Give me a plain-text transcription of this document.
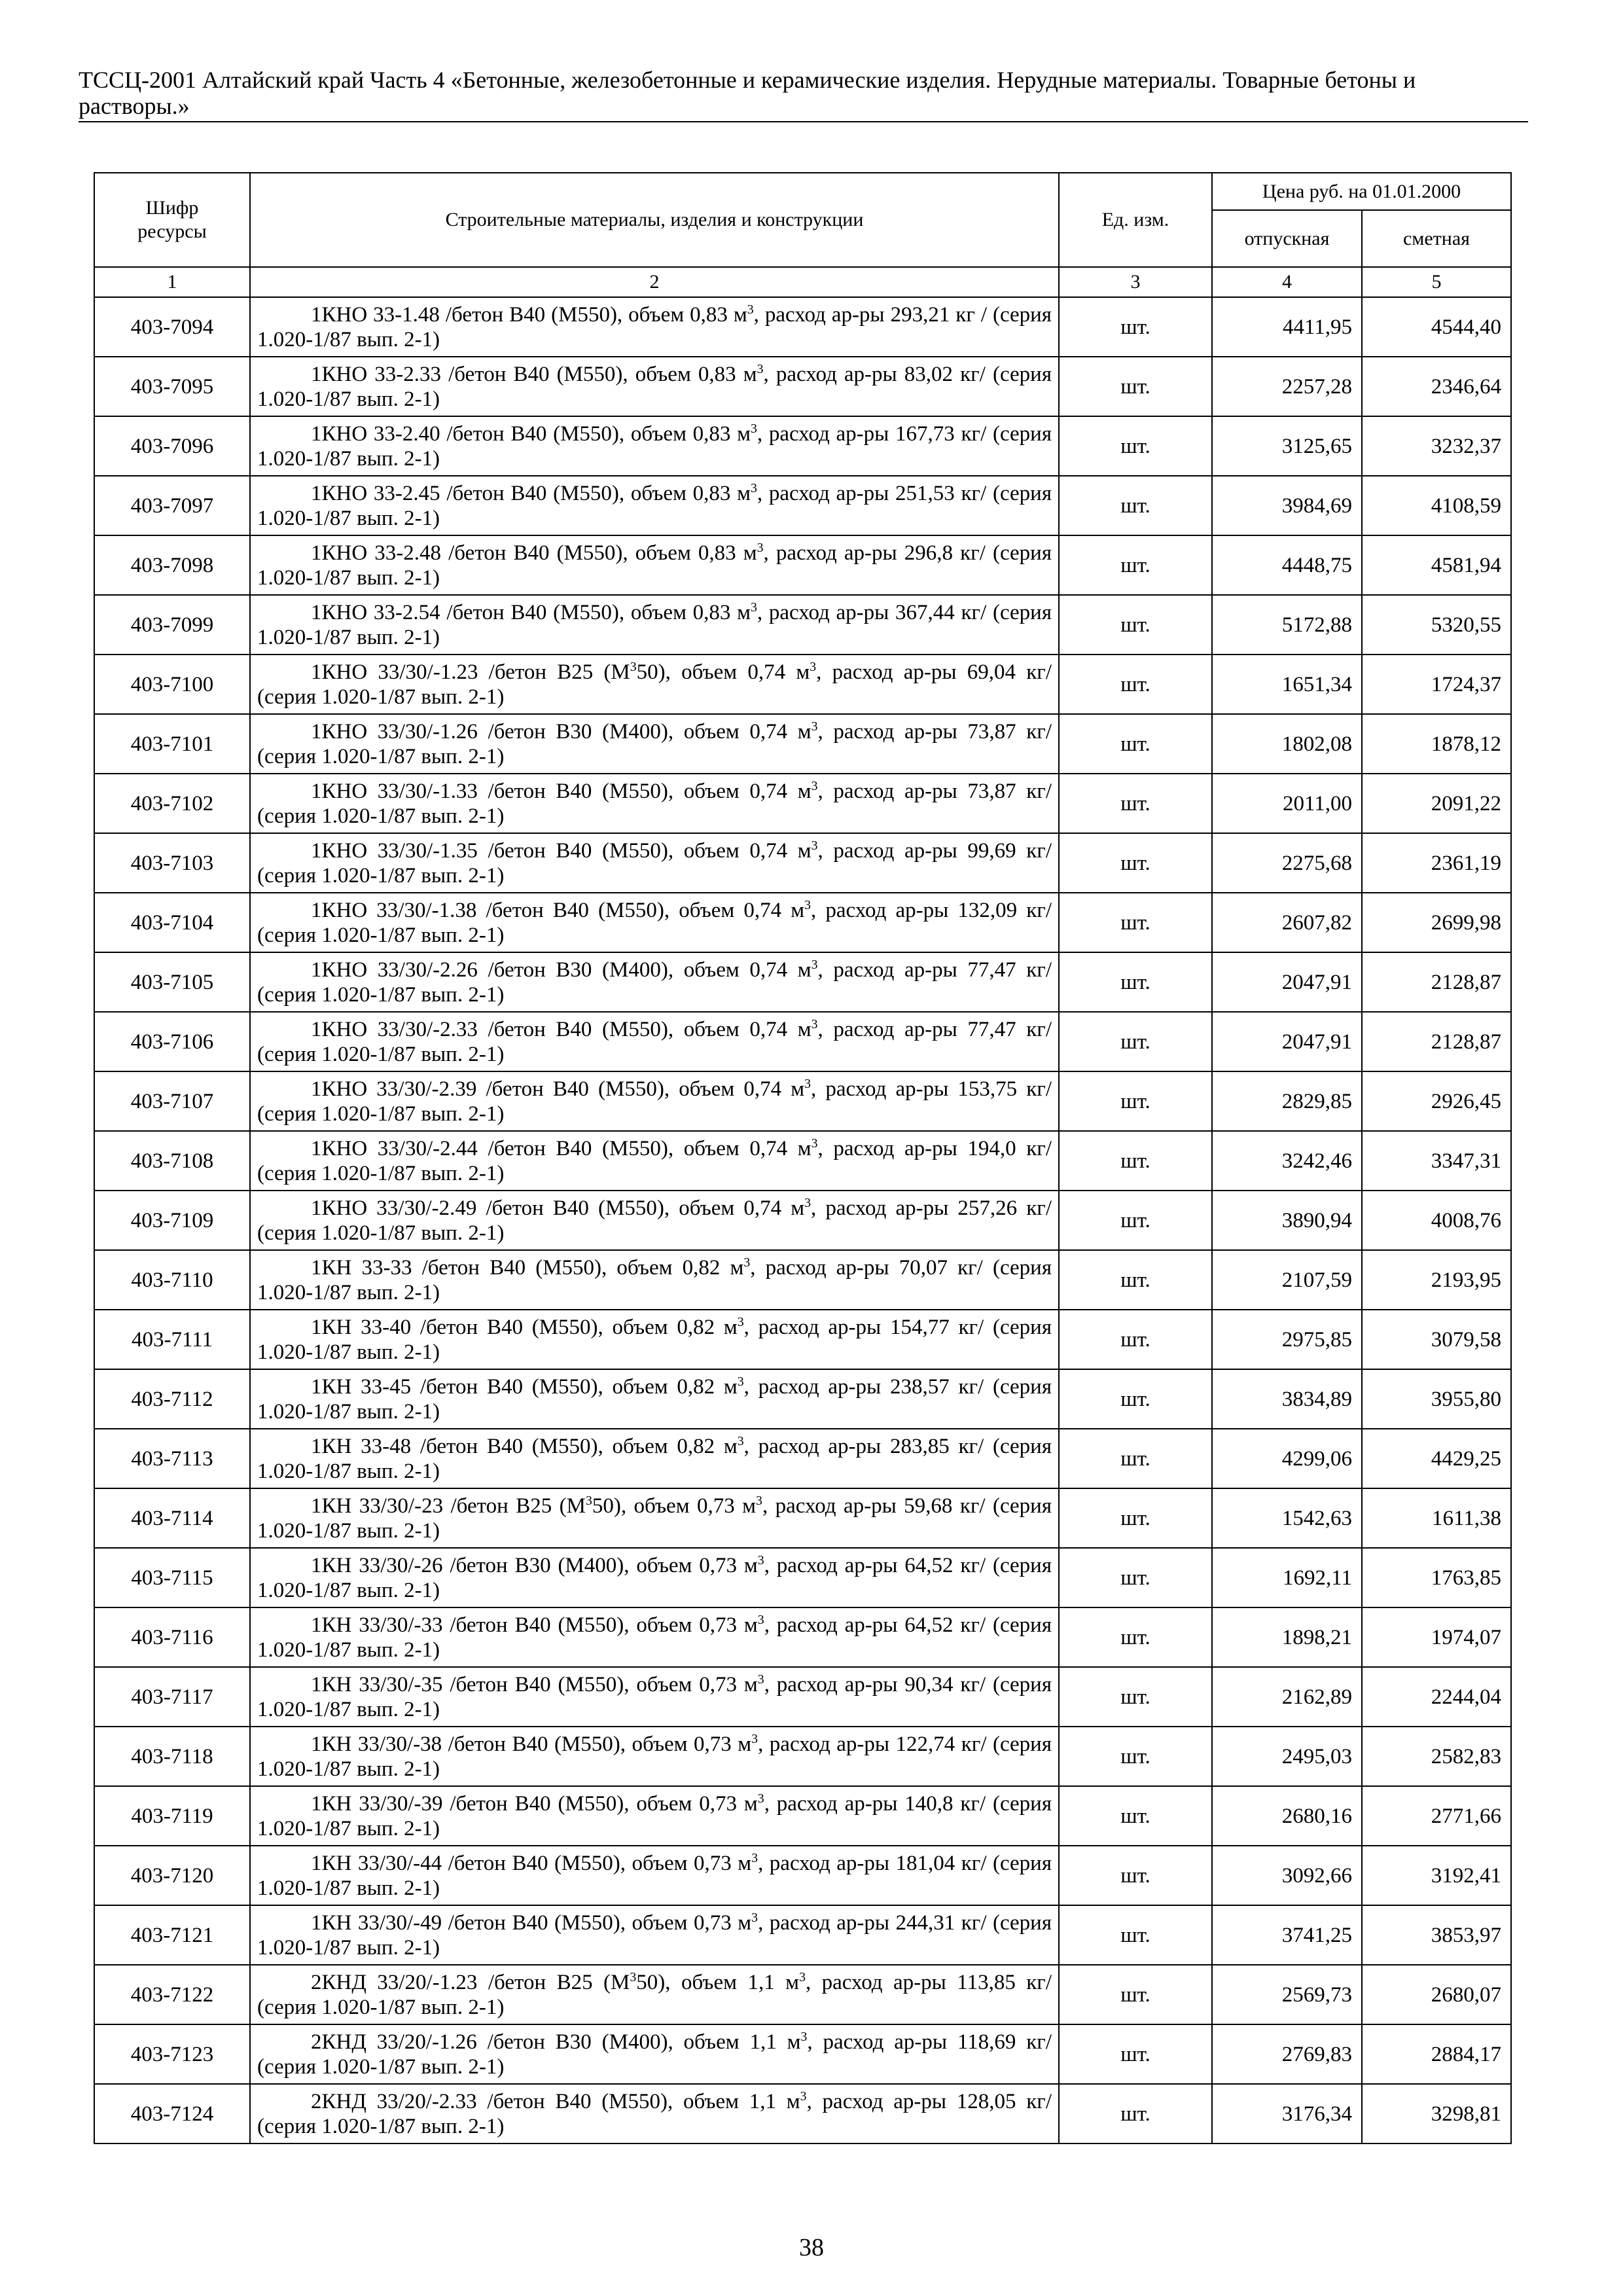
ТССЦ-2001 Алтайский край Часть 4 «Бетонные, железобетонные и керамические изделия. Нерудные материалы. Товарные бетоны и растворы.»
Шифр ресурсы	Строительные материалы, изделия и конструкции	Ед. изм.	Цена руб. на 01.01.2000	
			отпускная	сметная
1	2	3	4	5
403-7094	1КНО 33-1.48 /бетон В40 (М550), объем 0,83 $м^3$, расход ар-ры 293,21 кг / (серия 1.020-1/87 вып. 2-1)	шт.	4411,95	4544,40
403-7095	1КНО 33-2.33 /бетон В40 (М550), объем 0,83 $м^3$, расход ар-ры 83,02 кг/ (серия 1.020-1/87 вып. 2-1)	шт.	2257,28	2346,64
403-7096	1КНО 33-2.40 /бетон В40 (М550), объем 0,83 $м^3$, расход ар-ры 167,73 кг/ (серия 1.020-1/87 вып. 2-1)	шт.	3125,65	3232,37
403-7097	1КНО 33-2.45 /бетон В40 (М550), объем 0,83 $м^3$, расход ар-ры 251,53 кг/ (серия 1.020-1/87 вып. 2-1)	шт.	3984,69	4108,59
403-7098	1КНО 33-2.48 /бетон В40 (М550), объем 0,83 $м^3$, расход ар-ры 296,8 кг/ (серия 1.020-1/87 вып. 2-1)	шт.	4448,75	4581,94
403-7099	1КНО 33-2.54 /бетон В40 (М550), объем 0,83 $м^3$, расход ар-ры 367,44 кг/ (серия 1.020-1/87 вып. 2-1)	шт.	5172,88	5320,55
403-7100	1КНО 33/30/-1.23 /бетон В25 $(М^350)$, объем 0,74 $м^3$, расход ар-ры 69,04 кг/ (серия 1.020-1/87 вып. 2-1)	шт.	1651,34	1724,37
403-7101	1КНО 33/30/-1.26 /бетон В30 (М400), объем 0,74 $м^3$, расход ар-ры 73,87 кг/ (серия 1.020-1/87 вып. 2-1)	шт.	1802,08	1878,12
403-7102	1КНО 33/30/-1.33 /бетон В40 (М550), объем 0,74 $м^3$, расход ар-ры 73,87 кг/ (серия 1.020-1/87 вып. 2-1)	шт.	2011,00	2091,22
403-7103	1КНО 33/30/-1.35 /бетон В40 (М550), объем 0,74 $м^3$, расход ар-ры 99,69 кг/ (серия 1.020-1/87 вып. 2-1)	шт.	2275,68	2361,19
403-7104	1КНО 33/30/-1.38 /бетон В40 (М550), объем 0,74 $м^3$, расход ар-ры 132,09 кг/ (серия 1.020-1/87 вып. 2-1)	шт.	2607,82	2699,98
403-7105	1КНО 33/30/-2.26 /бетон В30 (М400), объем 0,74 $м^3$, расход ар-ры 77,47 кг/ (серия 1.020-1/87 вып. 2-1)	шт.	2047,91	2128,87
403-7106	1КНО 33/30/-2.33 /бетон В40 (М550), объем 0,74 $м^3$, расход ар-ры 77,47 кг/ (серия 1.020-1/87 вып. 2-1)	шт.	2047,91	2128,87
403-7107	1КНО 33/30/-2.39 /бетон В40 (М550), объем 0,74 $м^3$, расход ар-ры 153,75 кг/ (серия 1.020-1/87 вып. 2-1)	шт.	2829,85	2926,45
403-7108	1КНО 33/30/-2.44 /бетон В40 (М550), объем 0,74 $м^3$, расход ар-ры 194,0 кг/ (серия 1.020-1/87 вып. 2-1)	шт.	3242,46	3347,31
403-7109	1КНО 33/30/-2.49 /бетон В40 (М550), объем 0,74 $м^3$, расход ар-ры 257,26 кг/ (серия 1.020-1/87 вып. 2-1)	шт.	3890,94	4008,76
403-7110	1КН 33-33 /бетон В40 (М550), объем 0,82 $м^3$, расход ар-ры 70,07 кг/ (серия 1.020-1/87 вып. 2-1)	шт.	2107,59	2193,95
403-7111	1КН 33-40 /бетон В40 (М550), объем 0,82 $м^3$, расход ар-ры 154,77 кг/ (серия 1.020-1/87 вып. 2-1)	шт.	2975,85	3079,58
403-7112	1КН 33-45 /бетон В40 (М550), объем 0,82 $м^3$, расход ар-ры 238,57 кг/ (серия 1.020-1/87 вып. 2-1)	шт.	3834,89	3955,80
403-7113	1КН 33-48 /бетон В40 (М550), объем 0,82 $м^3$, расход ар-ры 283,85 кг/ (серия 1.020-1/87 вып. 2-1)	шт.	4299,06	4429,25
403-7114	1КН 33/30/-23 /бетон В25 $(М^350)$, объем 0,73 $м^3$, расход ар-ры 59,68 кг/ (серия 1.020-1/87 вып. 2-1)	шт.	1542,63	1611,38
403-7115	1КН 33/30/-26 /бетон В30 (М400), объем 0,73 $м^3$, расход ар-ры 64,52 кг/ (серия 1.020-1/87 вып. 2-1)	шт.	1692,11	1763,85
403-7116	1КН 33/30/-33 /бетон В40 (М550), объем 0,73 $м^3$, расход ар-ры 64,52 кг/ (серия 1.020-1/87 вып. 2-1)	шт.	1898,21	1974,07
403-7117	1КН 33/30/-35 /бетон В40 (М550), объем 0,73 $м^3$, расход ар-ры 90,34 кг/ (серия 1.020-1/87 вып. 2-1)	шт.	2162,89	2244,04
403-7118	1КН 33/30/-38 /бетон В40 (М550), объем 0,73 $м^3$, расход ар-ры 122,74 кг/ (серия 1.020-1/87 вып. 2-1)	шт.	2495,03	2582,83
403-7119	1КН 33/30/-39 /бетон В40 (М550), объем 0,73 $м^3$, расход ар-ры 140,8 кг/ (серия 1.020-1/87 вып. 2-1)	шт.	2680,16	2771,66
403-7120	1КН 33/30/-44 /бетон В40 (М550), объем 0,73 $м^3$, расход ар-ры 181,04 кг/ (серия 1.020-1/87 вып. 2-1)	шт.	3092,66	3192,41
403-7121	1КН 33/30/-49 /бетон В40 (М550), объем 0,73 $м^3$, расход ар-ры 244,31 кг/ (серия 1.020-1/87 вып. 2-1)	шт.	3741,25	3853,97
403-7122	2КНД 33/20/-1.23 /бетон В25 $(М^350)$, объем 1,1 $м^3$, расход ар-ры 113,85 кг/ (серия 1.020-1/87 вып. 2-1)	шт.	2569,73	2680,07
403-7123	2КНД 33/20/-1.26 /бетон В30 (М400), объем 1,1 $м^3$, расход ар-ры 118,69 кг/ (серия 1.020-1/87 вып. 2-1)	шт.	2769,83	2884,17
403-7124	2КНД 33/20/-2.33 /бетон В40 (М550), объем 1,1 $м^3$, расход ар-ры 128,05 кг/ (серия 1.020-1/87 вып. 2-1)	шт.	3176,34	3298,81
38
